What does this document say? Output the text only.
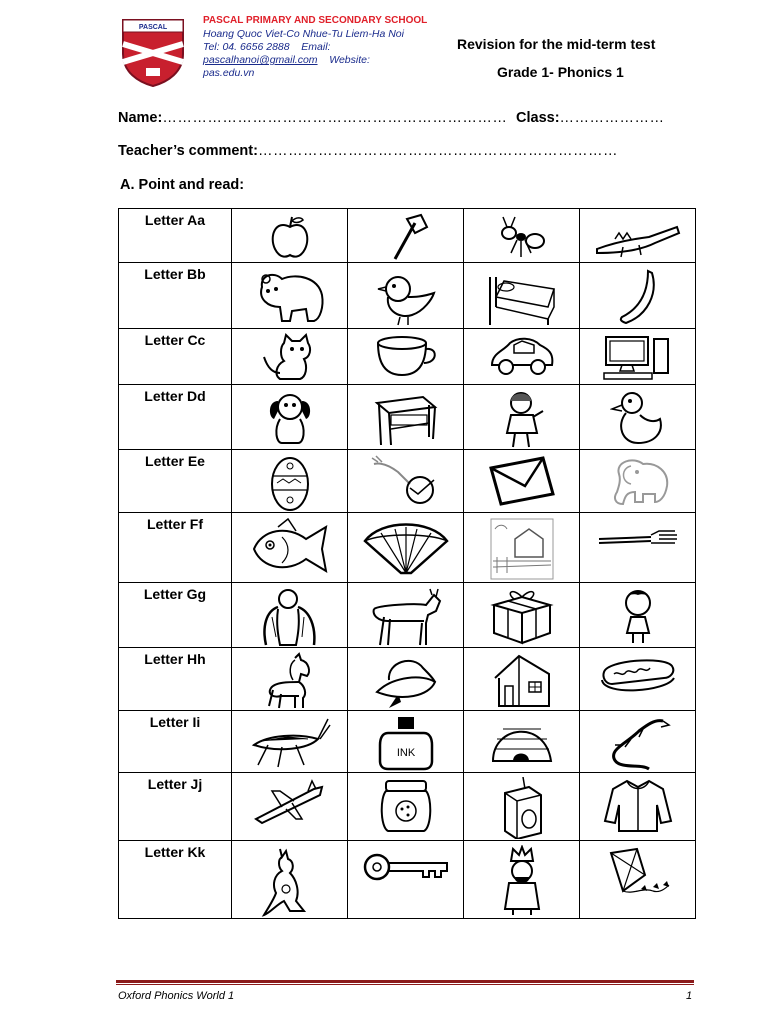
PASCAL
PASCAL PRIMARY AND SECONDARY SCHOOL
Hoang Quoc Viet-Co Nhue-Tu Liem-Ha Noi
Tel: 04. 6656 2888 Email:
pascalhanoi@gmail.com Website:
pas.edu.vn
Revision for the mid-term test
Grade 1- Phonics 1
Name:…………………………………………………………… Class:…………………
Teacher’s comment:………………………………………………………………
A. Point and read:
Letter Aa	

Letter Bb	

Letter Cc	

Letter Dd	

Letter Ee	

Letter Ff	

Letter Gg	

Letter Hh	

Letter Ii		INK

Letter Jj	

Letter Kk	

Oxford Phonics World 1	1
